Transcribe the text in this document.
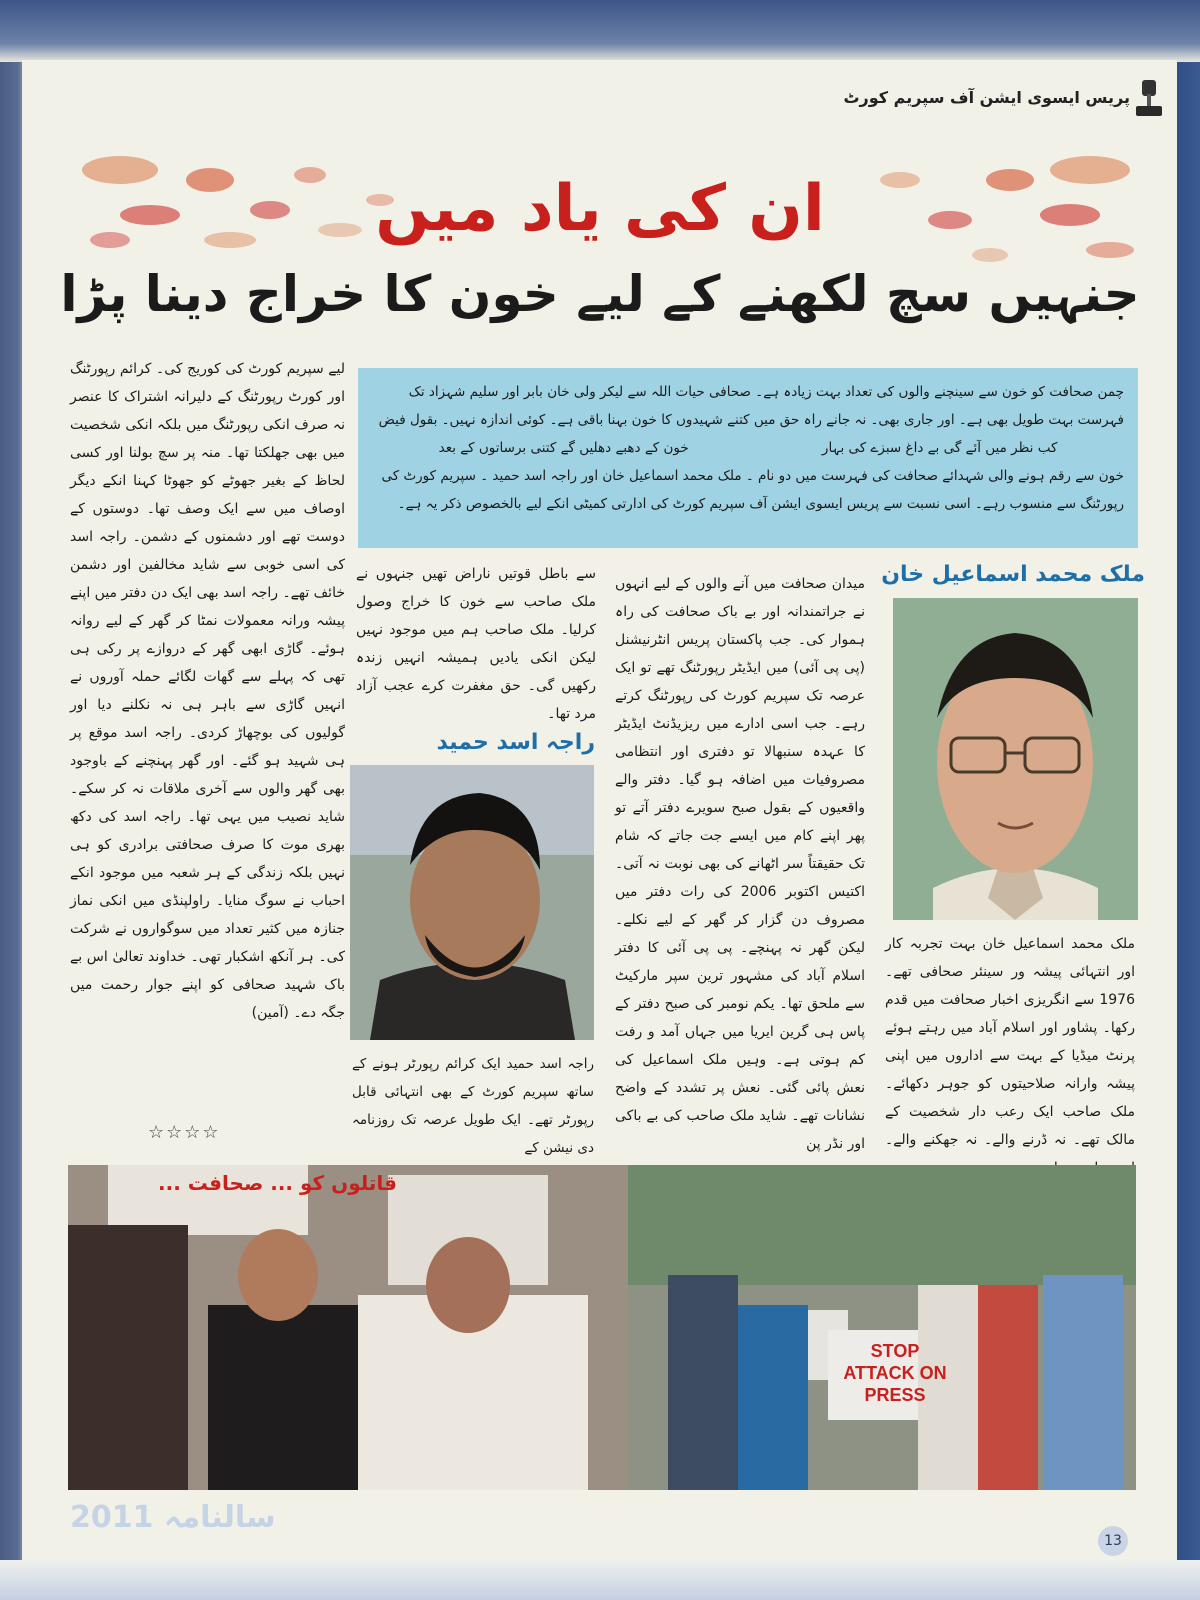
پریس ایسوی ایشن آف سپریم کورٹ
ان کی یاد میں
جنہیں سچ لکھنے کے لیے خون کا خراج دینا پڑا

چمن صحافت کو خون سے سینچنے والوں کی تعداد بہت زیادہ ہے۔ صحافی حیات اللہ سے لیکر ولی خان بابر اور سلیم شہزاد تک فہرست بہت طویل بھی ہے۔ اور جاری بھی۔ نہ جانے راہ حق میں کتنے شہیدوں کا خون بہنا باقی ہے۔ کوئی اندازہ نہیں۔ بقول فیض

کب نظر میں آئے گی بے داغ سبزے کی بہار
خون کے دھبے دھلیں گے کتنی برساتوں کے بعد

خون سے رقم ہونے والی شہدائے صحافت کی فہرست میں دو نام ۔ ملک محمد اسماعیل خان اور راجہ اسد حمید ۔ سپریم کورٹ کی رپورٹنگ سے منسوب رہے۔ اسی نسبت سے پریس ایسوی ایشن آف سپریم کورٹ کی ادارتی کمیٹی انکے لیے بالخصوص ذکر یہ ہے۔

لیے سپریم کورٹ کی کوریج کی۔ کرائم رپورٹنگ اور کورٹ رپورٹنگ کے دلیرانہ اشتراک کا عنصر نہ صرف انکی رپورٹنگ میں بلکہ انکی شخصیت میں بھی جھلکتا تھا۔ منہ پر سچ بولنا اور کسی لحاظ کے بغیر جھوٹے کو جھوٹا کہنا انکے دیگر اوصاف میں سے ایک وصف تھا۔ دوستوں کے دوست تھے اور دشمنوں کے دشمن۔ راجہ اسد کی اسی خوبی سے شاید مخالفین اور دشمن خائف تھے۔ راجہ اسد بھی ایک دن دفتر میں اپنے پیشہ ورانہ معمولات نمٹا کر گھر کے لیے روانہ ہوئے۔ گاڑی ابھی گھر کے دروازے پر رکی ہی تھی کہ پہلے سے گھات لگائے حملہ آوروں نے انہیں گاڑی سے باہر ہی نہ نکلنے دیا اور گولیوں کی بوچھاڑ کردی۔ راجہ اسد موقع پر ہی شہید ہو گئے۔ اور گھر پہنچنے کے باوجود بھی گھر والوں سے آخری ملاقات نہ کر سکے۔ شاید نصیب میں یہی تھا۔ راجہ اسد کی دکھ بھری موت کا صرف صحافتی برادری کو ہی نہیں بلکہ زندگی کے ہر شعبہ میں موجود انکے احباب نے سوگ منایا۔ راولپنڈی میں انکی نماز جنازہ میں کثیر تعداد میں سوگواروں نے شرکت کی۔ ہر آنکھ اشکبار تھی۔ خداوند تعالیٰ اس بے باک شہید صحافی کو اپنے جوار رحمت میں جگہ دے۔ (آمین)
ملک محمد اسماعیل خان
میدان صحافت میں آنے والوں کے لیے انہوں نے جراتمندانہ اور بے باک صحافت کی راہ ہموار کی۔ جب پاکستان پریس انٹرنیشنل (پی پی آئی) میں ایڈیٹر رپورٹنگ تھے تو ایک عرصہ تک سپریم کورٹ کی رپورٹنگ کرتے رہے۔ جب اسی ادارے میں ریزیڈنٹ ایڈیٹر کا عہدہ سنبھالا تو دفتری اور انتظامی مصروفیات میں اضافہ ہو گیا۔ دفتر والے واقعیوں کے بقول صبح سویرے دفتر آتے تو پھر اپنے کام میں ایسے جت جاتے کہ شام تک حقیقتاً سر اٹھانے کی بھی نوبت نہ آتی۔ اکتیس اکتوبر 2006 کی رات دفتر میں مصروف دن گزار کر گھر کے لیے نکلے۔ لیکن گھر نہ پہنچے۔ پی پی آئی کا دفتر اسلام آباد کی مشہور ترین سپر مارکیٹ سے ملحق تھا۔ یکم نومبر کی صبح دفتر کے پاس ہی گرین ایریا میں جہاں آمد و رفت کم ہوتی ہے۔ وہیں ملک اسماعیل کی نعش پائی گئی۔ نعش پر تشدد کے واضح نشانات تھے۔ شاید ملک صاحب کی بے باکی اور نڈر پن
ملک محمد اسماعیل خان بہت تجربہ کار اور انتہائی پیشہ ور سینئر صحافی تھے۔ 1976 سے انگریزی اخبار صحافت میں قدم رکھا۔ پشاور اور اسلام آباد میں رہتے ہوئے پرنٹ میڈیا کے بہت سے اداروں میں اپنی پیشہ وارانہ صلاحیتوں کو جوہر دکھائے۔ ملک صاحب ایک رعب دار شخصیت کے مالک تھے۔ نہ ڈرنے والے۔ نہ جھکنے والے۔
سے باطل قوتیں ناراض تھیں جنہوں نے ملک صاحب سے خون کا خراج وصول کرلیا۔ ملک صاحب ہم میں موجود نہیں لیکن انکی یادیں ہمیشہ انہیں زندہ رکھیں گی۔ حق مغفرت کرے عجب آزاد مرد تھا۔
راجہ اسد حمید
راجہ اسد حمید ایک کرائم رپورٹر ہونے کے ساتھ سپریم کورٹ کے بھی انتہائی قابل رپورٹر تھے۔ ایک طویل عرصہ تک روزنامہ دی نیشن کے
☆☆☆☆
قاتلوں کو ... صحافت ...
STOP ATTACK ON PRESS
سالنامہ 2011
13
